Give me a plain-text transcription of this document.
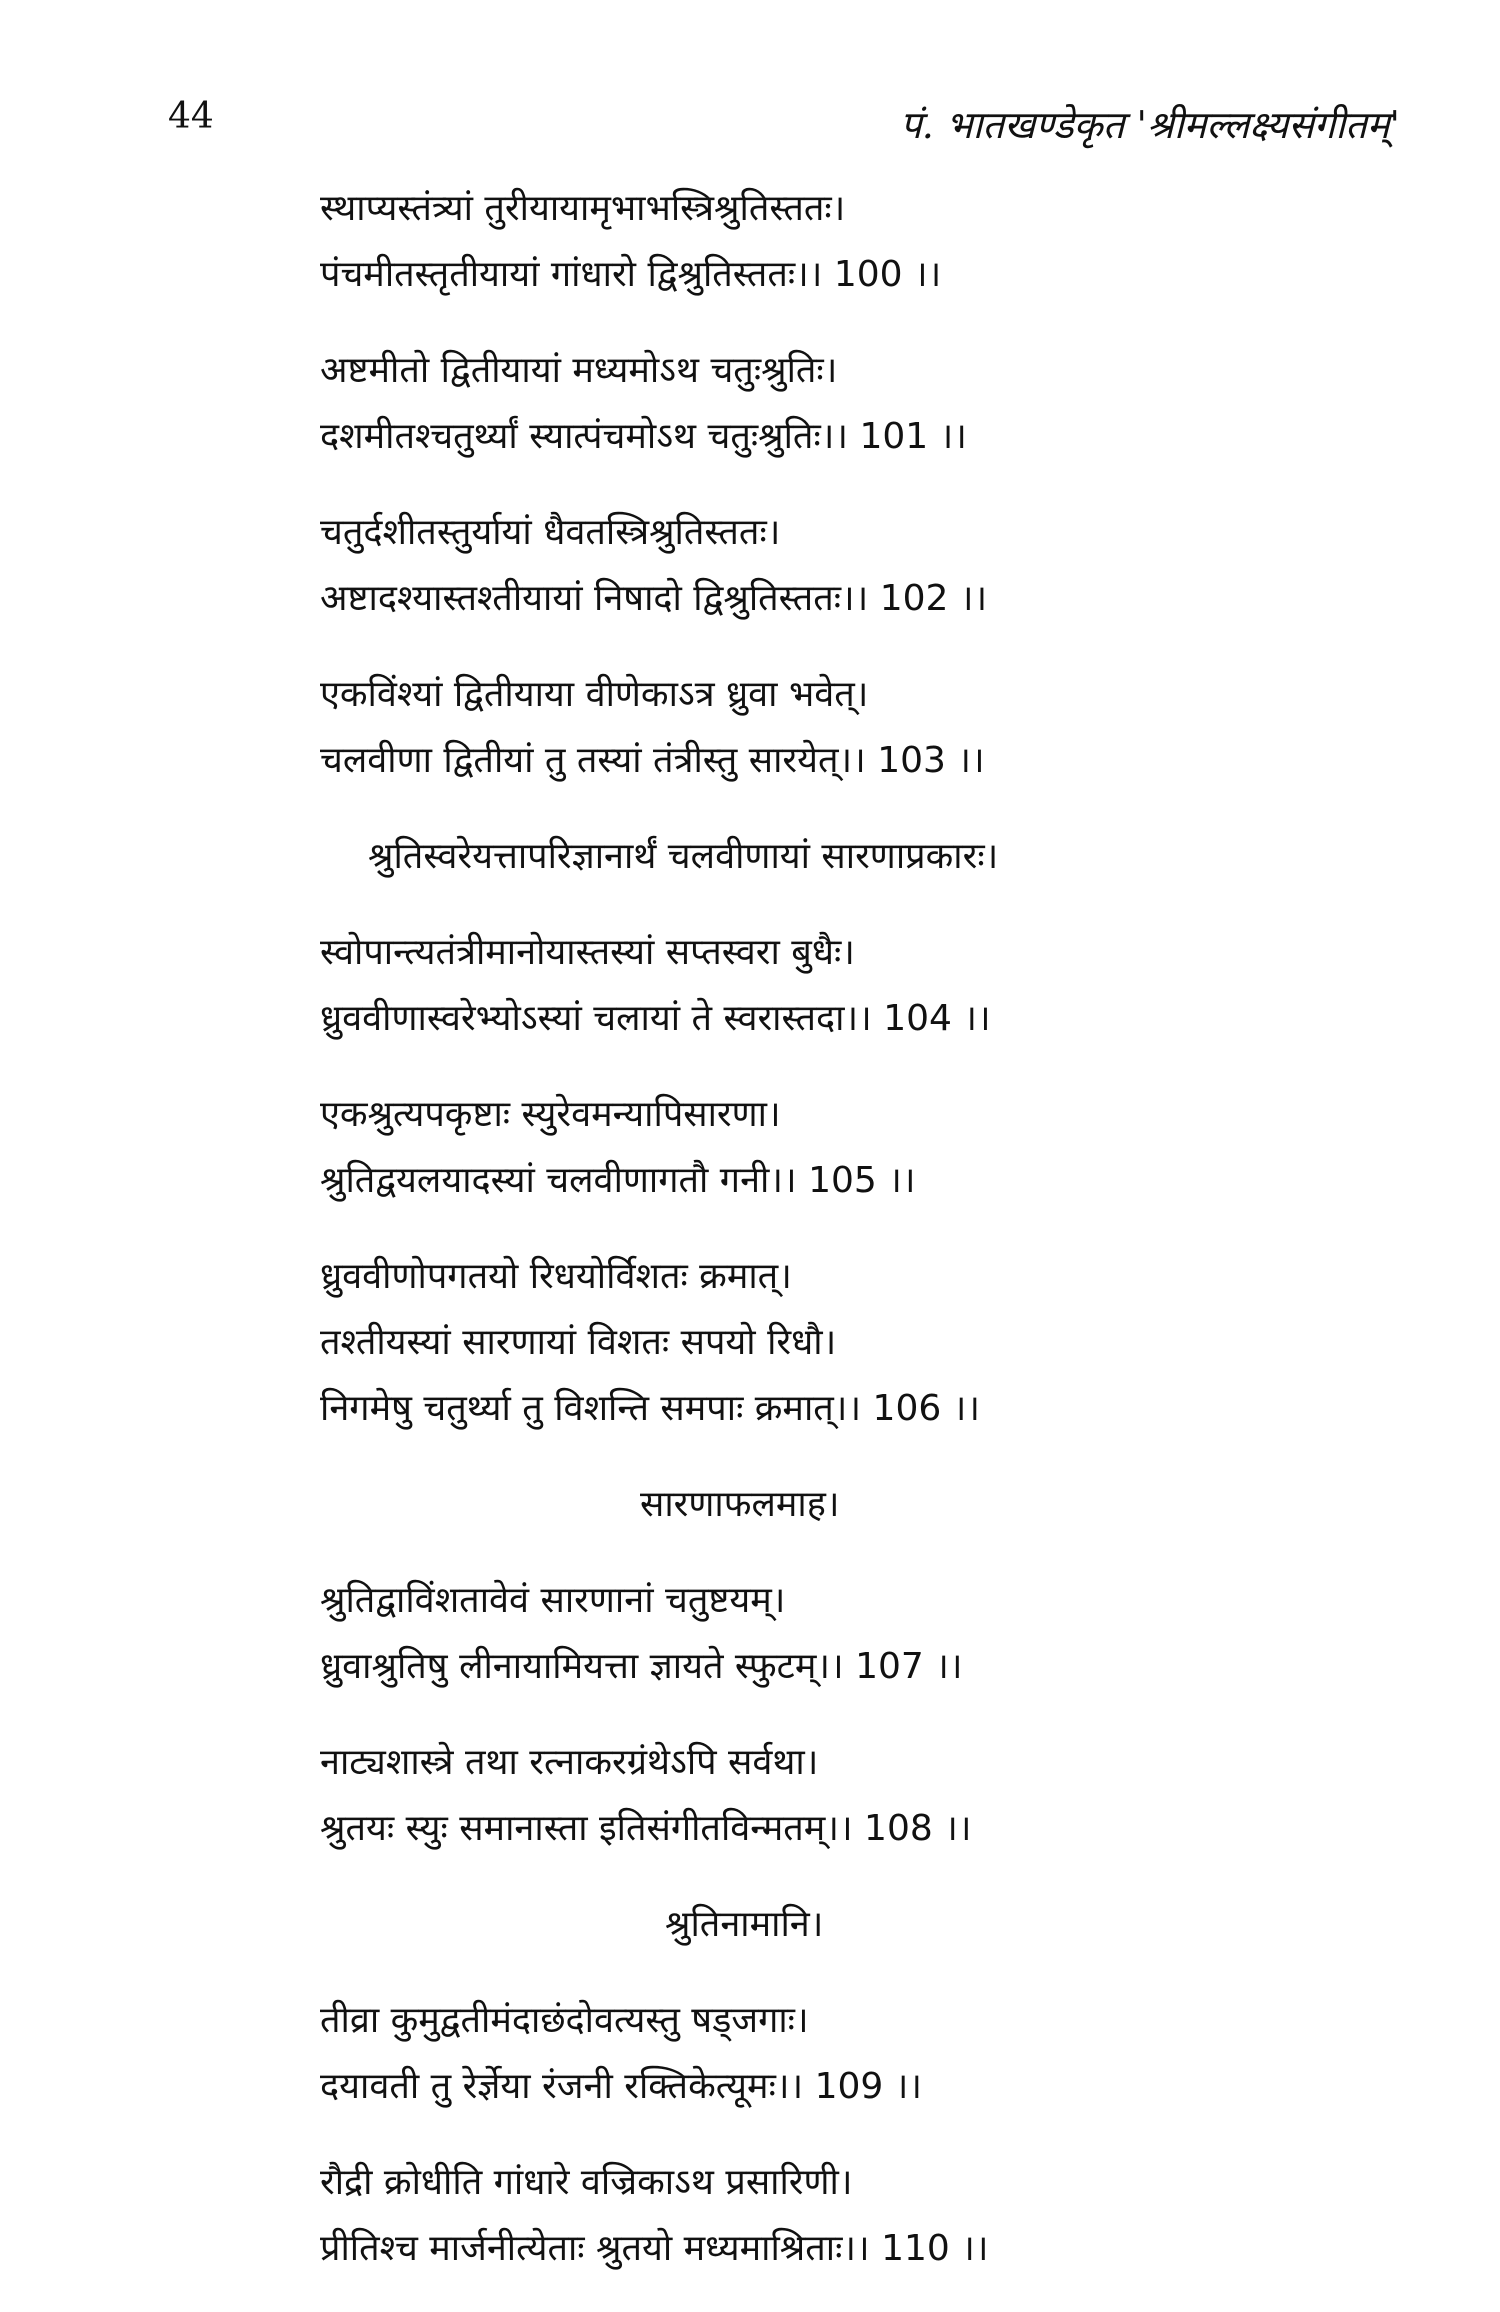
44	पं. भातखण्डेकृत 'श्रीमल्लक्ष्यसंगीतम्'
स्थाप्यस्तंत्र्यां तुरीयायामृभाभस्त्रिश्रुतिस्ततः।
पंचमीतस्तृतीयायां गांधारो द्विश्रुतिस्ततः।। 100 ।।
अष्टमीतो द्वितीयायां मध्यमोऽथ चतुःश्रुतिः।
दशमीतश्चतुर्थ्यां स्यात्पंचमोऽथ चतुःश्रुतिः।। 101 ।।
चतुर्दशीतस्तुर्यायां धैवतस्त्रिश्रुतिस्ततः।
अष्टादश्यास्तश्तीयायां निषादो द्विश्रुतिस्ततः।। 102 ।।
एकविंश्यां द्वितीयाया वीणेकाऽत्र ध्रुवा भवेत्।
चलवीणा द्वितीयां तु तस्यां तंत्रीस्तु सारयेत्।। 103 ।।
श्रुतिस्वरेयत्तापरिज्ञानार्थं चलवीणायां सारणाप्रकारः।
स्वोपान्त्यतंत्रीमानोयास्तस्यां सप्तस्वरा बुधैः।
ध्रुववीणास्वरेभ्योऽस्यां चलायां ते स्वरास्तदा।। 104 ।।
एकश्रुत्यपकृष्टाः स्युरेवमन्यापिसारणा।
श्रुतिद्वयलयादस्यां चलवीणागतौ गनी।। 105 ।।
ध्रुववीणोपगतयो रिधयोर्विशतः क्रमात्।
तश्तीयस्यां सारणायां विशतः सपयो रिधौ।
निगमेषु चतुर्थ्या तु विशन्ति समपाः क्रमात्।। 106 ।।
सारणाफलमाह।
श्रुतिद्वाविंशतावेवं सारणानां चतुष्टयम्।
ध्रुवाश्रुतिषु लीनायामियत्ता ज्ञायते स्फुटम्।। 107 ।।
नाट्यशास्त्रे तथा रत्नाकरग्रंथेऽपि सर्वथा।
श्रुतयः स्युः समानास्ता इतिसंगीतविन्मतम्।। 108 ।।
श्रुतिनामानि।
तीव्रा कुमुद्वतीमंदाछंदोवत्यस्तु षड्जगाः।
दयावती तु रेर्ज्ञेया रंजनी रक्तिकेत्यूमः।। 109 ।।
रौद्री क्रोधीति गांधारे वज्रिकाऽथ प्रसारिणी।
प्रीतिश्च मार्जनीत्येताः श्रुतयो मध्यमाश्रिताः।। 110 ।।
